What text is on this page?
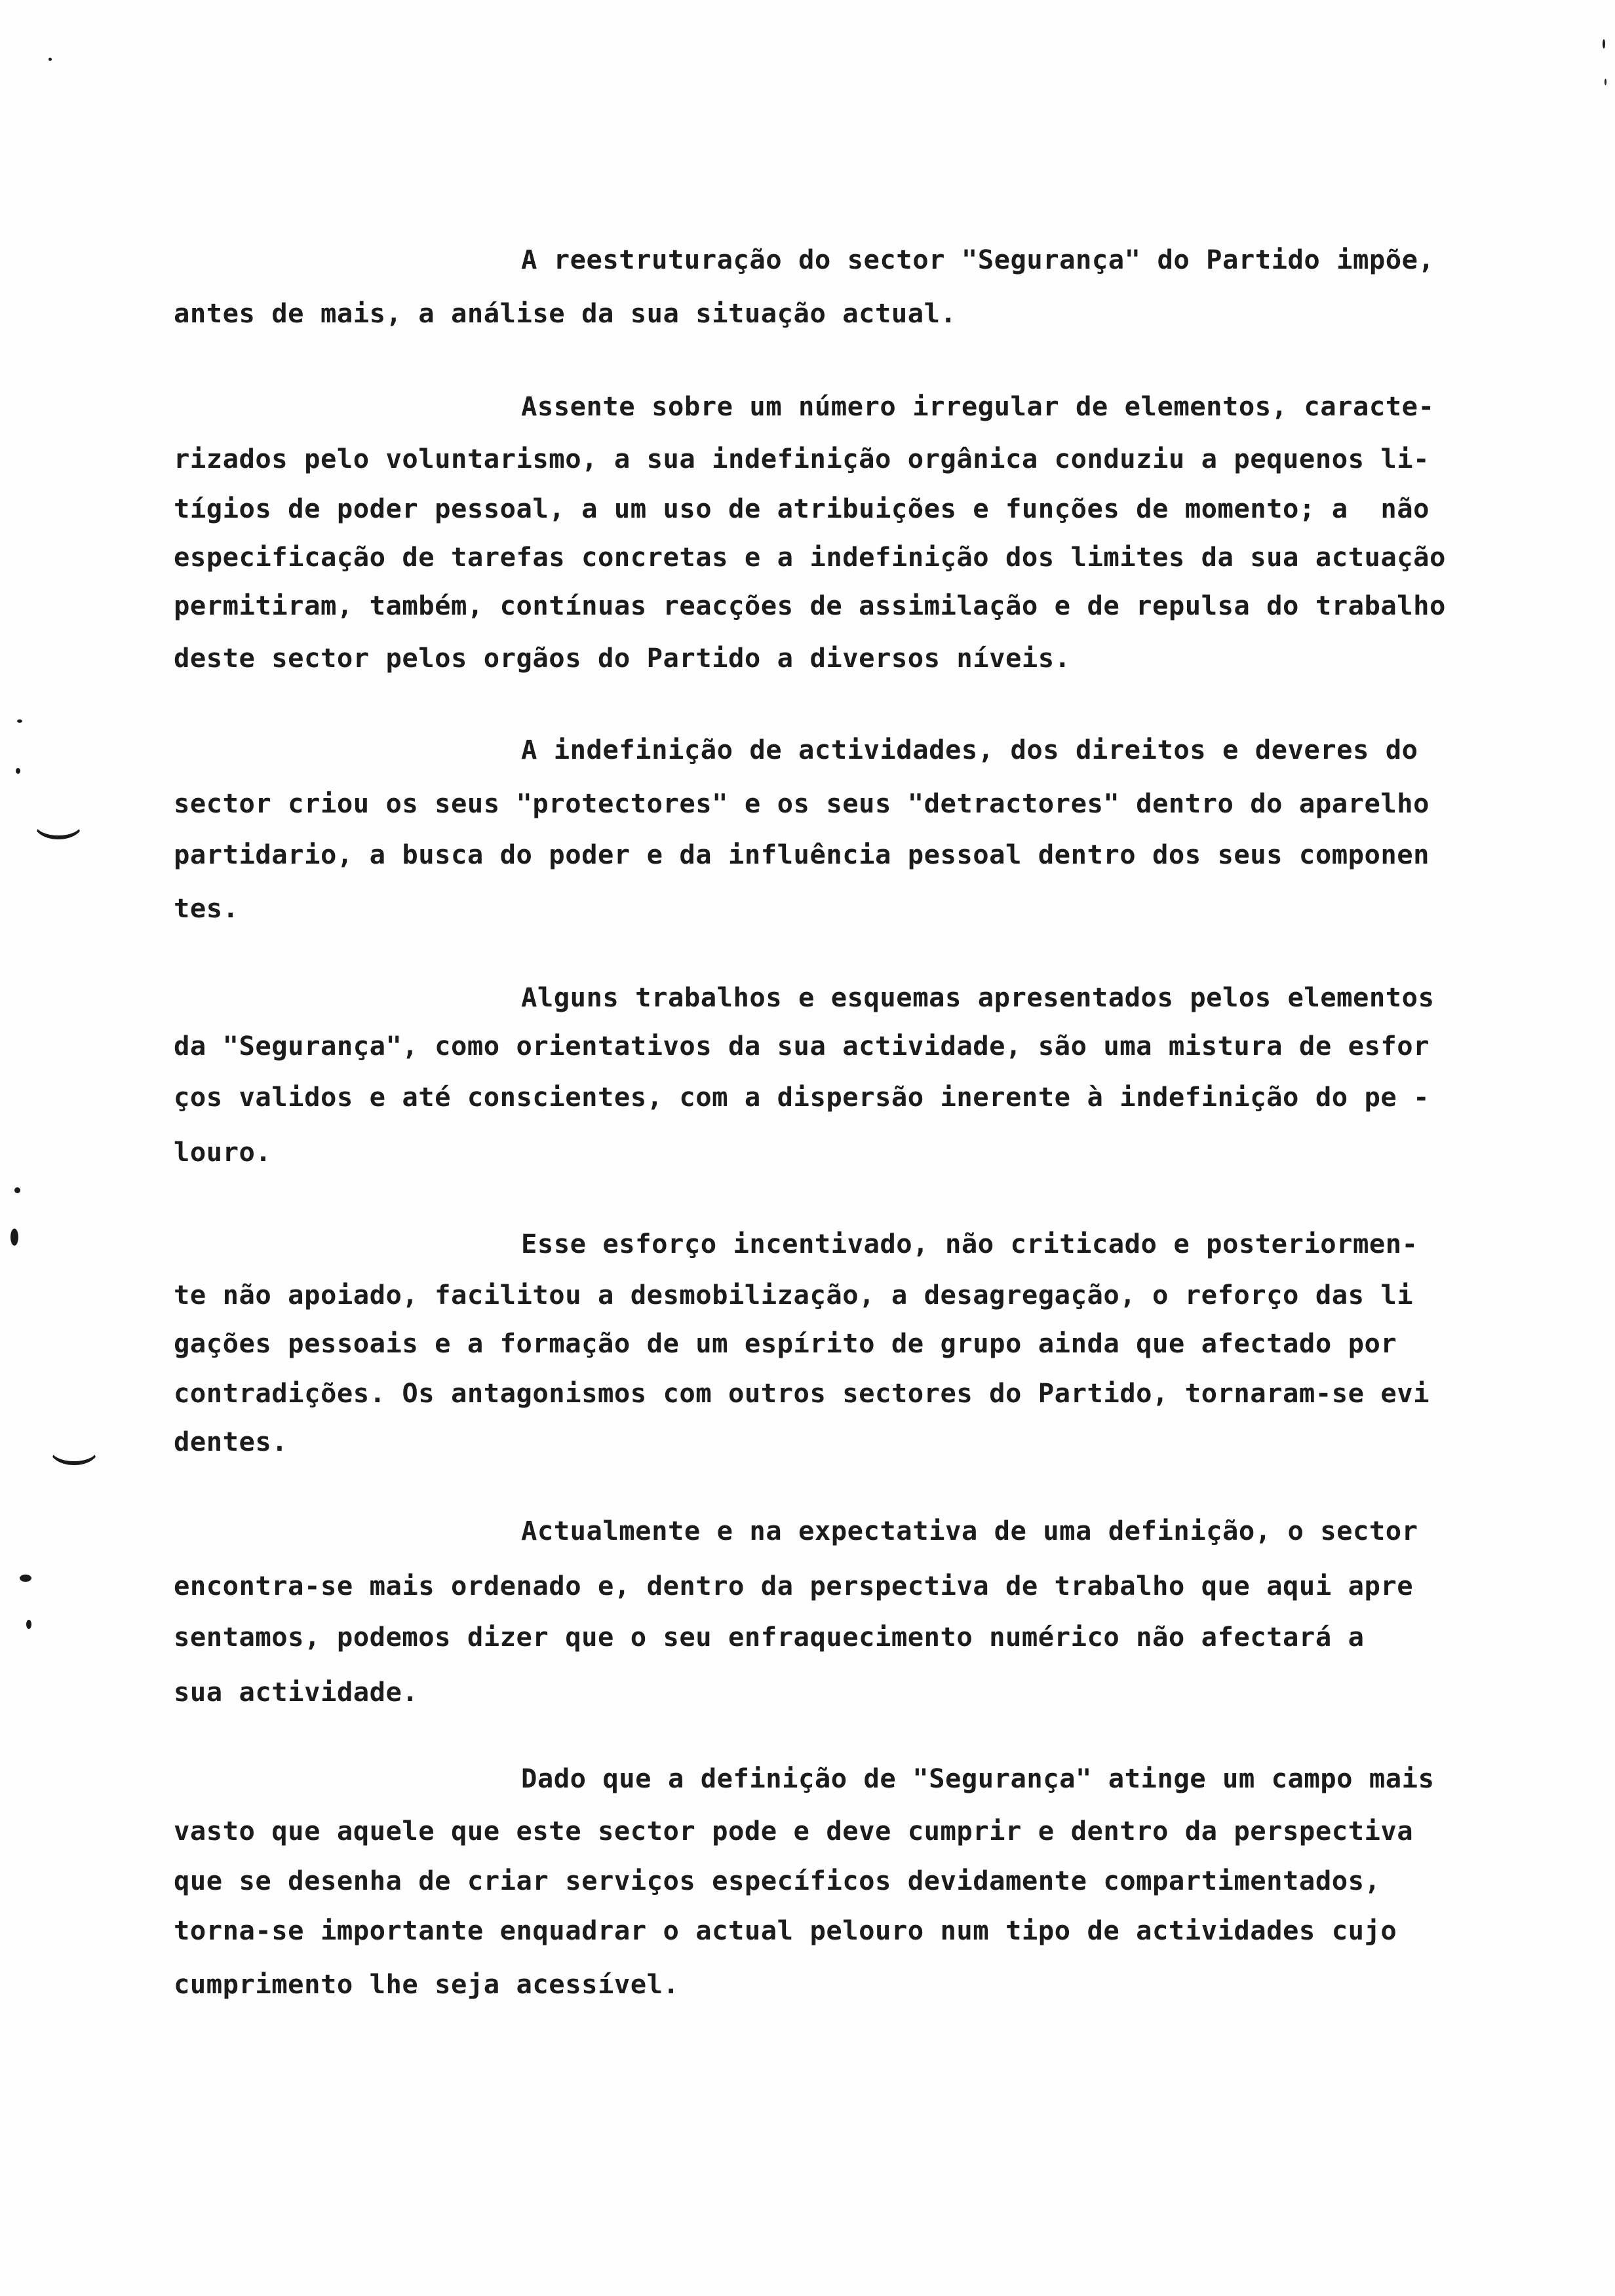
A reestruturação do sector "Segurança" do Partido impõe,
antes de mais, a análise da sua situação actual.
Assente sobre um número irregular de elementos, caracte-
rizados pelo voluntarismo, a sua indefinição orgânica conduziu a pequenos li-
tígios de poder pessoal, a um uso de atribuições e funções de momento; a  não
especificação de tarefas concretas e a indefinição dos limites da sua actuação
permitiram, também, contínuas reacções de assimilação e de repulsa do trabalho
deste sector pelos orgãos do Partido a diversos níveis.
A indefinição de actividades, dos direitos e deveres do
sector criou os seus "protectores" e os seus "detractores" dentro do aparelho
partidario, a busca do poder e da influência pessoal dentro dos seus componen
tes.
Alguns trabalhos e esquemas apresentados pelos elementos
da "Segurança", como orientativos da sua actividade, são uma mistura de esfor
ços validos e até conscientes, com a dispersão inerente à indefinição do pe -
louro.
Esse esforço incentivado, não criticado e posteriormen-
te não apoiado, facilitou a desmobilização, a desagregação, o reforço das li
gações pessoais e a formação de um espírito de grupo ainda que afectado por
contradições. Os antagonismos com outros sectores do Partido, tornaram-se evi
dentes.
Actualmente e na expectativa de uma definição, o sector
encontra-se mais ordenado e, dentro da perspectiva de trabalho que aqui apre
sentamos, podemos dizer que o seu enfraquecimento numérico não afectará a
sua actividade.
Dado que a definição de "Segurança" atinge um campo mais
vasto que aquele que este sector pode e deve cumprir e dentro da perspectiva
que se desenha de criar serviços específicos devidamente compartimentados,
torna-se importante enquadrar o actual pelouro num tipo de actividades cujo
cumprimento lhe seja acessível.
